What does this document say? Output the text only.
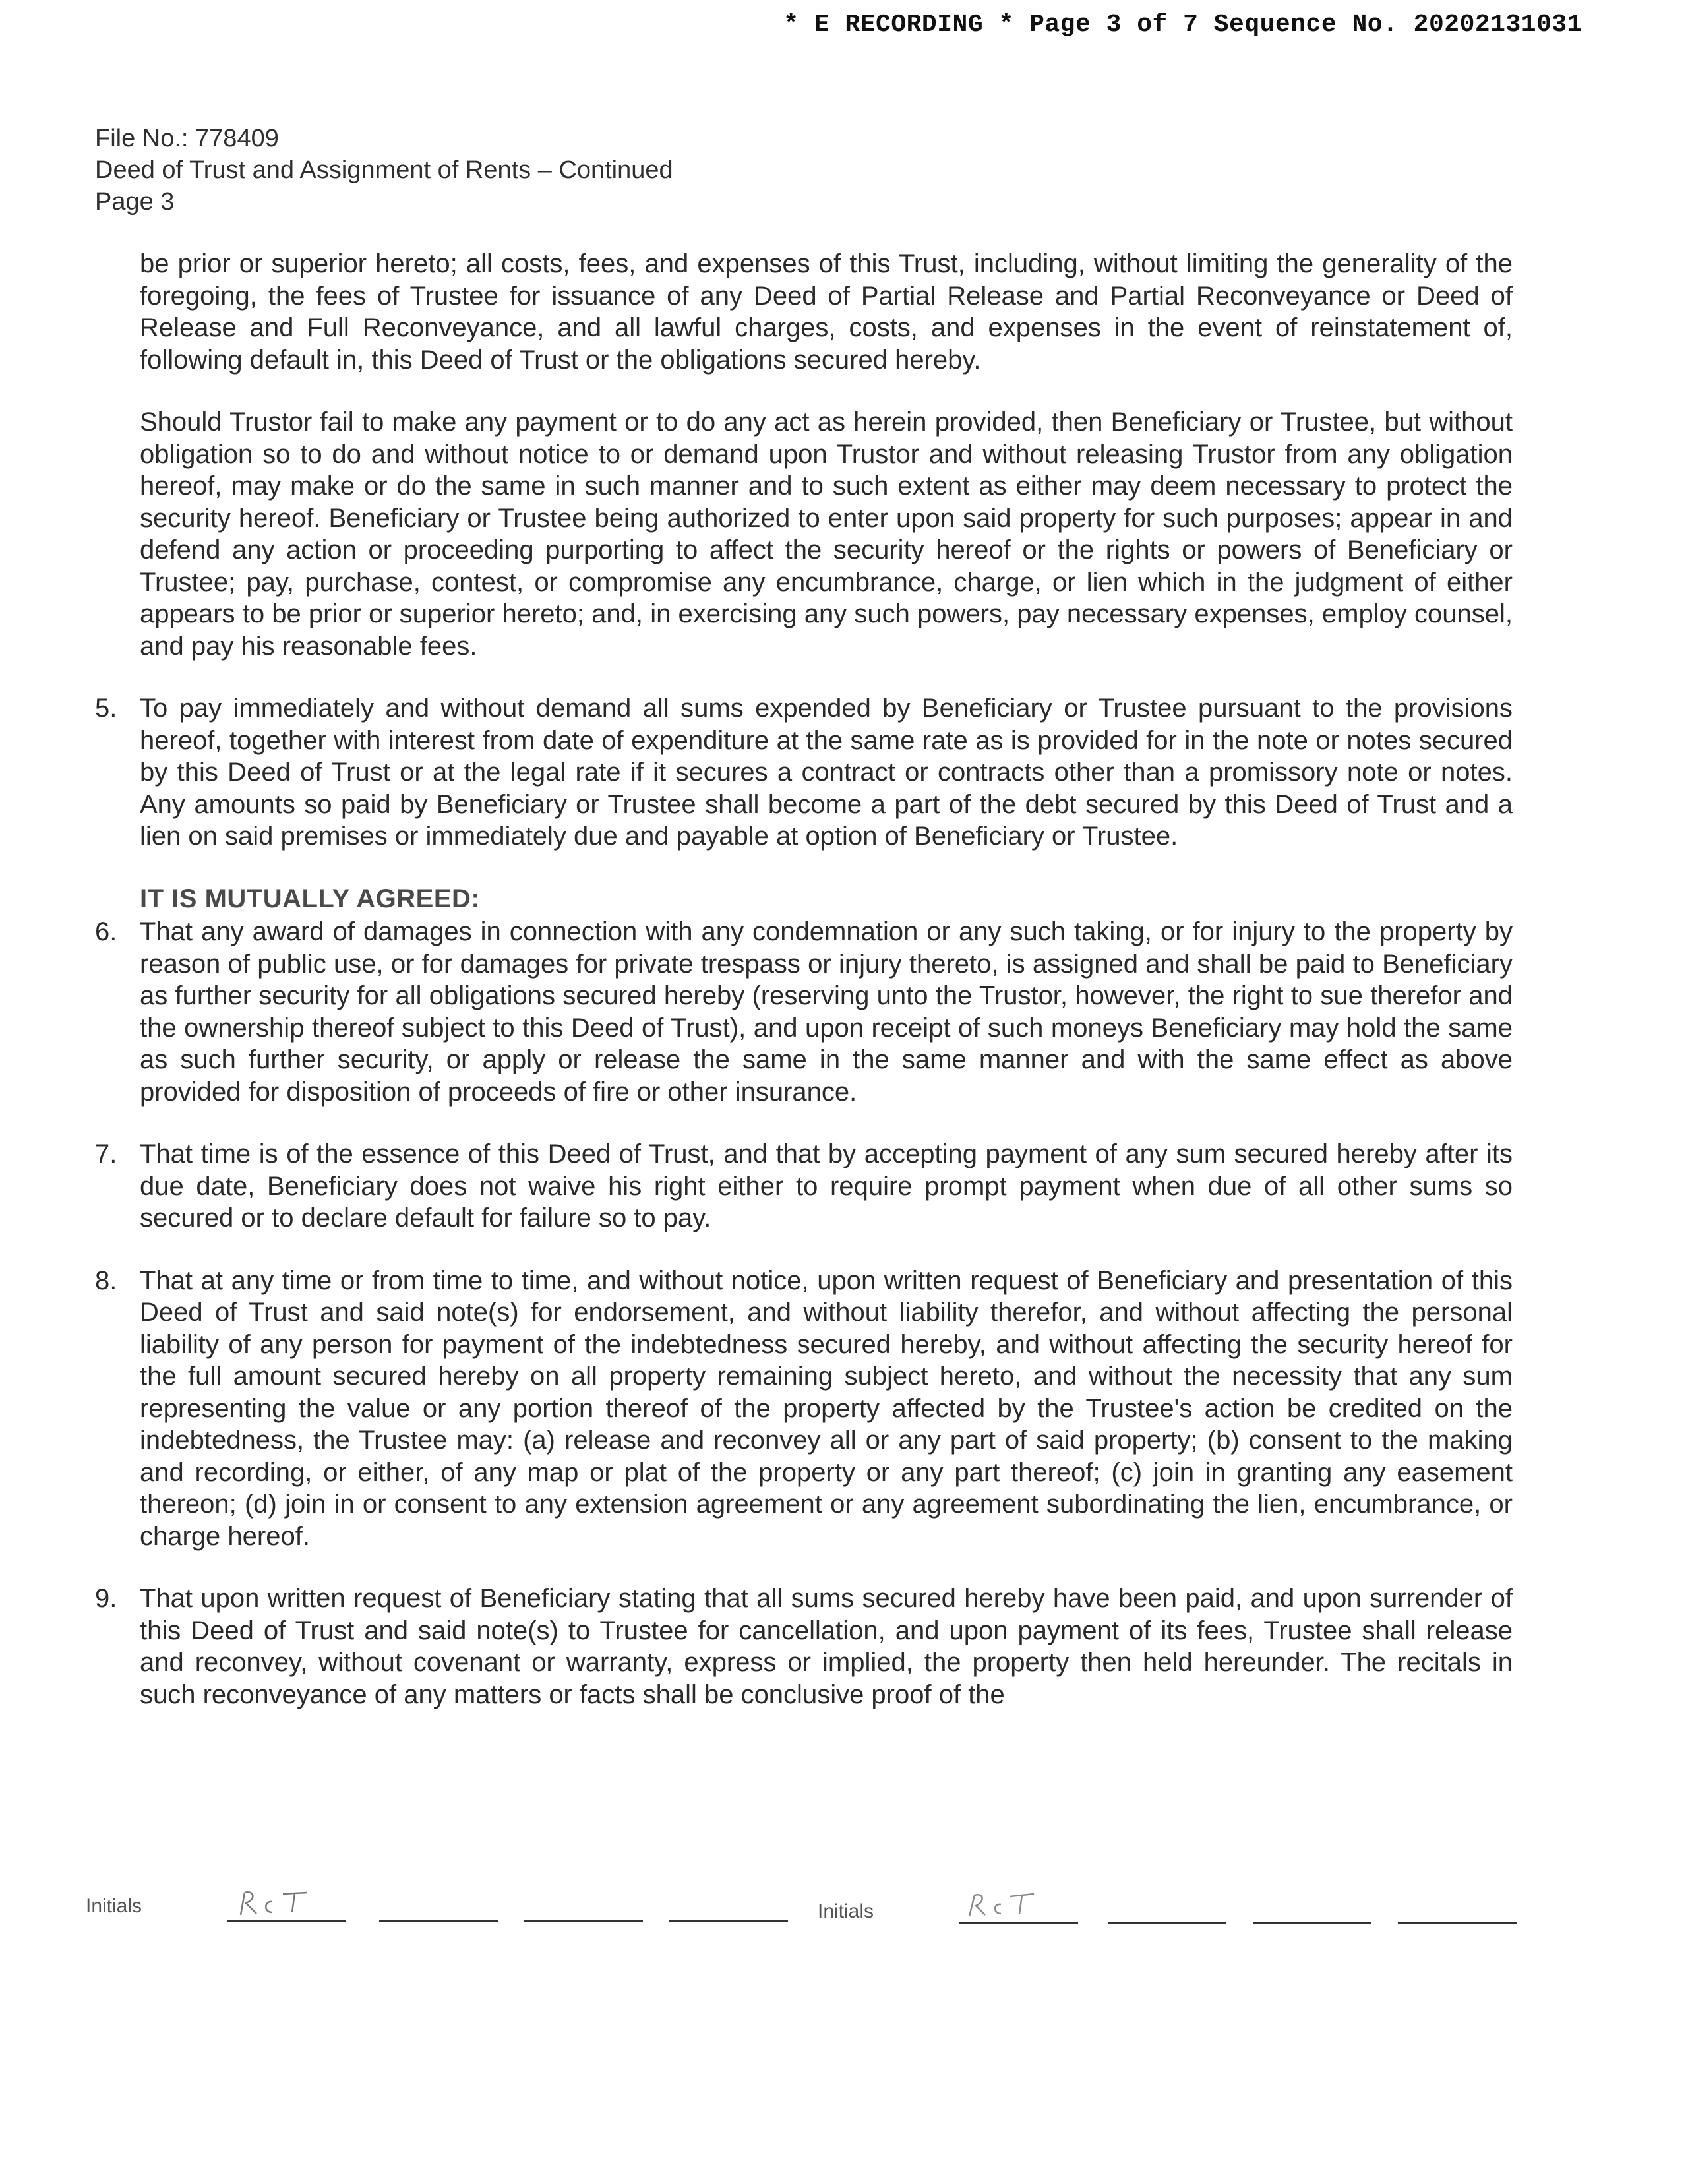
* E RECORDING * Page 3 of 7 Sequence No. 20202131031
File No.: 778409
Deed of Trust and Assignment of Rents – Continued
Page 3

be prior or superior hereto; all costs, fees, and expenses of this Trust, including, without limiting the generality of the foregoing, the fees of Trustee for issuance of any Deed of Partial Release and Partial Reconveyance or Deed of Release and Full Reconveyance, and all lawful charges, costs, and expenses in the event of reinstatement of, following default in, this Deed of Trust or the obligations secured hereby.

Should Trustor fail to make any payment or to do any act as herein provided, then Beneficiary or Trustee, but without obligation so to do and without notice to or demand upon Trustor and without releasing Trustor from any obligation hereof, may make or do the same in such manner and to such extent as either may deem necessary to protect the security hereof. Beneficiary or Trustee being authorized to enter upon said property for such purposes; appear in and defend any action or proceeding purporting to affect the security hereof or the rights or powers of Beneficiary or Trustee; pay, purchase, contest, or compromise any encumbrance, charge, or lien which in the judgment of either appears to be prior or superior hereto; and, in exercising any such powers, pay necessary expenses, employ counsel, and pay his reasonable fees.

5. To pay immediately and without demand all sums expended by Beneficiary or Trustee pursuant to the provisions hereof, together with interest from date of expenditure at the same rate as is provided for in the note or notes secured by this Deed of Trust or at the legal rate if it secures a contract or contracts other than a promissory note or notes. Any amounts so paid by Beneficiary or Trustee shall become a part of the debt secured by this Deed of Trust and a lien on said premises or immediately due and payable at option of Beneficiary or Trustee.
IT IS MUTUALLY AGREED:
6. That any award of damages in connection with any condemnation or any such taking, or for injury to the property by reason of public use, or for damages for private trespass or injury thereto, is assigned and shall be paid to Beneficiary as further security for all obligations secured hereby (reserving unto the Trustor, however, the right to sue therefor and the ownership thereof subject to this Deed of Trust), and upon receipt of such moneys Beneficiary may hold the same as such further security, or apply or release the same in the same manner and with the same effect as above provided for disposition of proceeds of fire or other insurance.
7. That time is of the essence of this Deed of Trust, and that by accepting payment of any sum secured hereby after its due date, Beneficiary does not waive his right either to require prompt payment when due of all other sums so secured or to declare default for failure so to pay.
8. That at any time or from time to time, and without notice, upon written request of Beneficiary and presentation of this Deed of Trust and said note(s) for endorsement, and without liability therefor, and without affecting the personal liability of any person for payment of the indebtedness secured hereby, and without affecting the security hereof for the full amount secured hereby on all property remaining subject hereto, and without the necessity that any sum representing the value or any portion thereof of the property affected by the Trustee's action be credited on the indebtedness, the Trustee may: (a) release and reconvey all or any part of said property; (b) consent to the making and recording, or either, of any map or plat of the property or any part thereof; (c) join in granting any easement thereon; (d) join in or consent to any extension agreement or any agreement subordinating the lien, encumbrance, or charge hereof.
9. That upon written request of Beneficiary stating that all sums secured hereby have been paid, and upon surrender of this Deed of Trust and said note(s) to Trustee for cancellation, and upon payment of its fees, Trustee shall release and reconvey, without covenant or warranty, express or implied, the property then held hereunder. The recitals in such reconveyance of any matters or facts shall be conclusive proof of the
Initials	Initials
